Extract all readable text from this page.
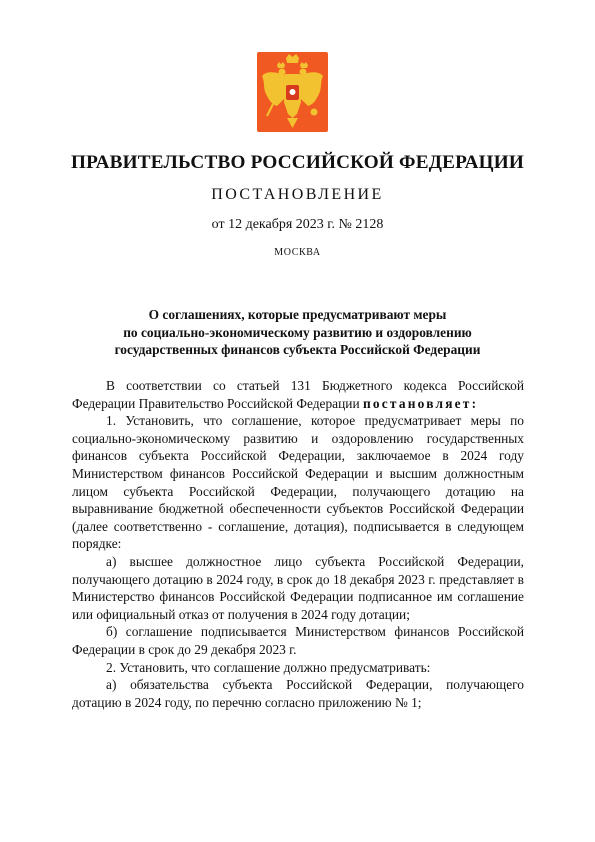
ПРАВИТЕЛЬСТВО РОССИЙСКОЙ ФЕДЕРАЦИИ
ПОСТАНОВЛЕНИЕ
от 12 декабря 2023 г. № 2128
МОСКВА
О соглашениях, которые предусматривают меры
по социально-экономическому развитию и оздоровлению
государственных финансов субъекта Российской Федерации

В соответствии со статьей 131 Бюджетного кодекса Российской Федерации Правительство Российской Федерации постановляет:

1. Установить, что соглашение, которое предусматривает меры по социально-экономическому развитию и оздоровлению государственных финансов субъекта Российской Федерации, заключаемое в 2024 году Министерством финансов Российской Федерации и высшим должностным лицом субъекта Российской Федерации, получающего дотацию на выравнивание бюджетной обеспеченности субъектов Российской Федерации (далее соответственно - соглашение, дотация), подписывается в следующем порядке:

а) высшее должностное лицо субъекта Российской Федерации, получающего дотацию в 2024 году, в срок до 18 декабря 2023 г. представляет в Министерство финансов Российской Федерации подписанное им соглашение или официальный отказ от получения в 2024 году дотации;

б) соглашение подписывается Министерством финансов Российской Федерации в срок до 29 декабря 2023 г.

2. Установить, что соглашение должно предусматривать:

а) обязательства субъекта Российской Федерации, получающего дотацию в 2024 году, по перечню согласно приложению № 1;
